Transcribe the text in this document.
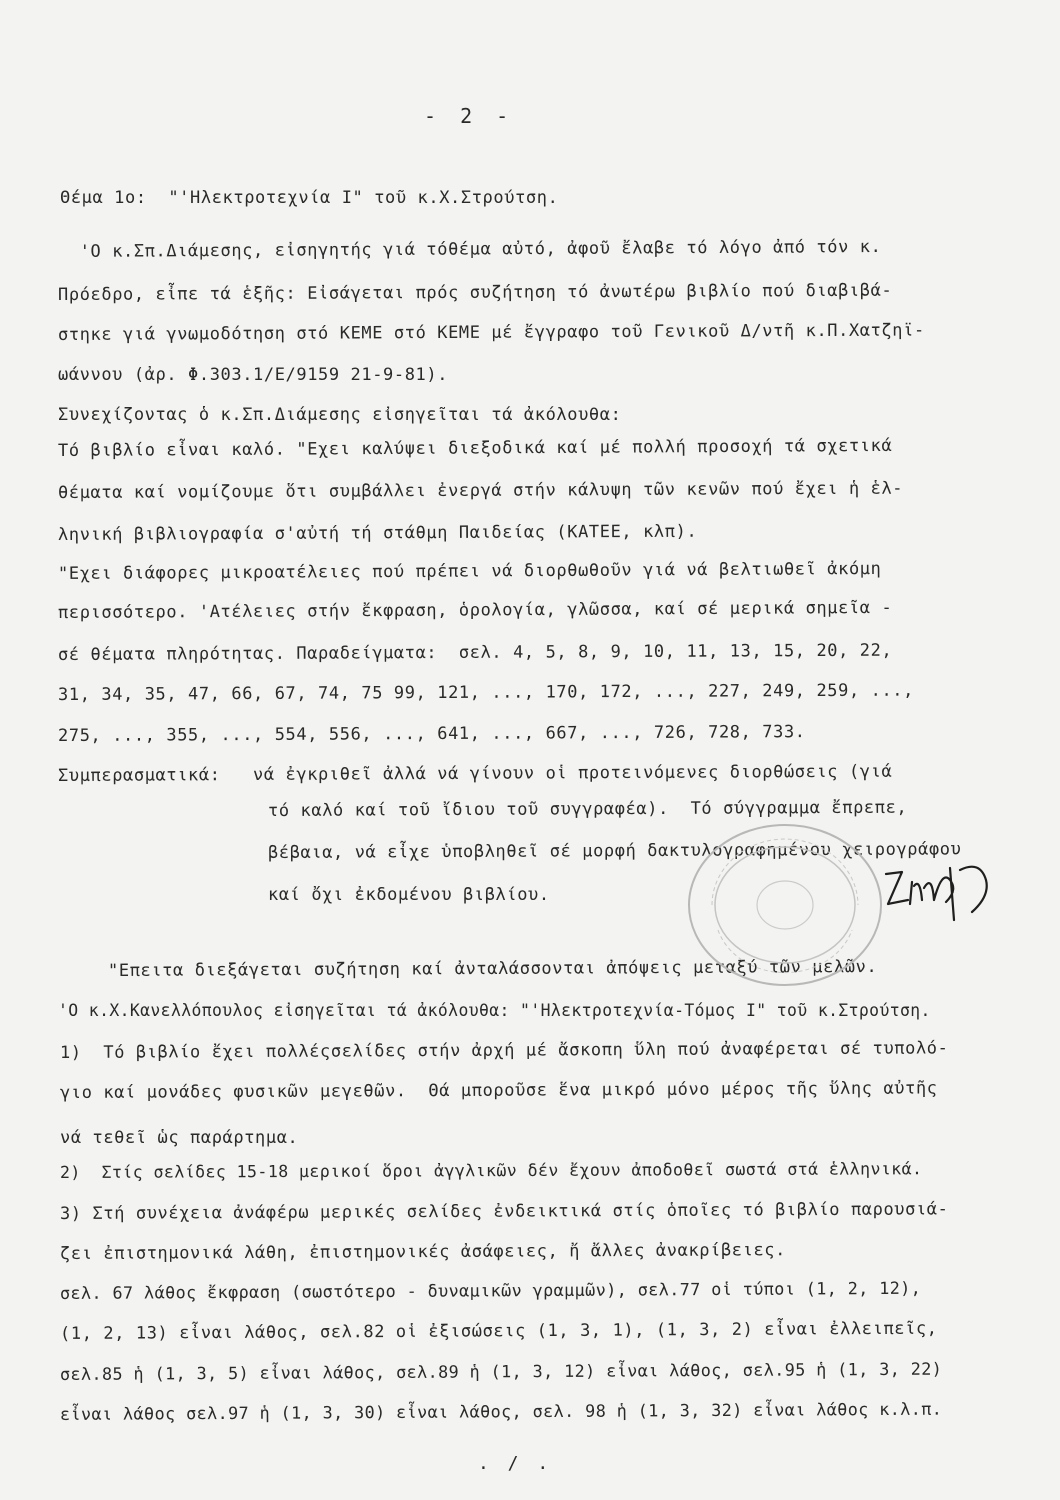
- 2 -
Θέμα 1ο:  "'Ηλεκτροτεχνία Ι" τοῦ κ.Χ.Στρούτση.
'Ο κ.Σπ.Διάμεσης, εἰσηγητής γιά τόθέμα αὐτό, ἀφοῦ ἔλαβε τό λόγο ἀπό τόν κ.
Πρόεδρο, εἶπε τά ἑξῆς: Εἰσάγεται πρός συζήτηση τό ἀνωτέρω βιβλίο πού διαβιβά-
στηκε γιά γνωμοδότηση στό ΚΕΜΕ στό ΚΕΜΕ μέ ἔγγραφο τοῦ Γενικοῦ Δ/ντῆ κ.Π.Χατζηϊ-
ωάννου (ἀρ. Φ.303.1/Ε/9159 21-9-81).
Συνεχίζοντας ὁ κ.Σπ.Διάμεσης εἰσηγεῖται τά ἀκόλουθα:
Τό βιβλίο εἶναι καλό. "Εχει καλύψει διεξοδικά καί μέ πολλή προσοχή τά σχετικά
θέματα καί νομίζουμε ὅτι συμβάλλει ἐνεργά στήν κάλυψη τῶν κενῶν πού ἔχει ἡ ἑλ-
ληνική βιβλιογραφία σ'αὐτή τή στάθμη Παιδείας (ΚΑΤΕΕ, κλπ).
"Εχει διάφορες μικροατέλειες πού πρέπει νά διορθωθοῦν γιά νά βελτιωθεῖ ἀκόμη
περισσότερο. 'Ατέλειες στήν ἔκφραση, ὁρολογία, γλῶσσα, καί σέ μερικά σημεῖα -
σέ θέματα πληρότητας. Παραδείγματα:  σελ. 4, 5, 8, 9, 10, 11, 13, 15, 20, 22,
31, 34, 35, 47, 66, 67, 74, 75 99, 121, ..., 170, 172, ..., 227, 249, 259, ...,
275, ..., 355, ..., 554, 556, ..., 641, ..., 667, ..., 726, 728, 733.
Συμπερασματικά:   νά ἐγκριθεῖ ἀλλά νά γίνουν οἱ προτεινόμενες διορθώσεις (γιά
τό καλό καί τοῦ ἴδιου τοῦ συγγραφέα).  Τό σύγγραμμα ἔπρεπε,
βέβαια, νά εἶχε ὑποβληθεῖ σέ μορφή δακτυλογραφημένου χειρογράφου
καί ὄχι ἐκδομένου βιβλίου.
"Επειτα διεξάγεται συζήτηση καί ἀνταλάσσονται ἀπόψεις μεταξύ τῶν μελῶν.
'Ο κ.Χ.Κανελλόπουλος εἰσηγεῖται τά ἀκόλουθα: "'Ηλεκτροτεχνία-Τόμος Ι" τοῦ κ.Στρούτση.
1)  Τό βιβλίο ἔχει πολλέςσελίδες στήν ἀρχή μέ ἄσκοπη ὕλη πού ἀναφέρεται σέ τυπολό-
γιο καί μονάδες φυσικῶν μεγεθῶν.  Θά μποροῦσε ἕνα μικρό μόνο μέρος τῆς ὕλης αὐτῆς
νά τεθεῖ ὡς παράρτημα.
2)  Στίς σελίδες 15-18 μερικοί ὅροι ἀγγλικῶν δέν ἔχουν ἀποδοθεῖ σωστά στά ἑλληνικά.
3) Στή συνέχεια ἀνάφέρω μερικές σελίδες ἐνδεικτικά στίς ὁποῖες τό βιβλίο παρουσιά-
ζει ἐπιστημονικά λάθη, ἐπιστημονικές ἀσάφειες, ἤ ἄλλες ἀνακρίβειες.
σελ. 67 λάθος ἔκφραση (σωστότερο - δυναμικῶν γραμμῶν), σελ.77 οἱ τύποι (1, 2, 12),
(1, 2, 13) εἶναι λάθος, σελ.82 οἱ ἐξισώσεις (1, 3, 1), (1, 3, 2) εἶναι ἐλλειπεῖς,
σελ.85 ἡ (1, 3, 5) εἶναι λάθος, σελ.89 ἡ (1, 3, 12) εἶναι λάθος, σελ.95 ἡ (1, 3, 22)
εἶναι λάθος σελ.97 ἡ (1, 3, 30) εἶναι λάθος, σελ. 98 ἡ (1, 3, 32) εἶναι λάθος κ.λ.π.
. / .
